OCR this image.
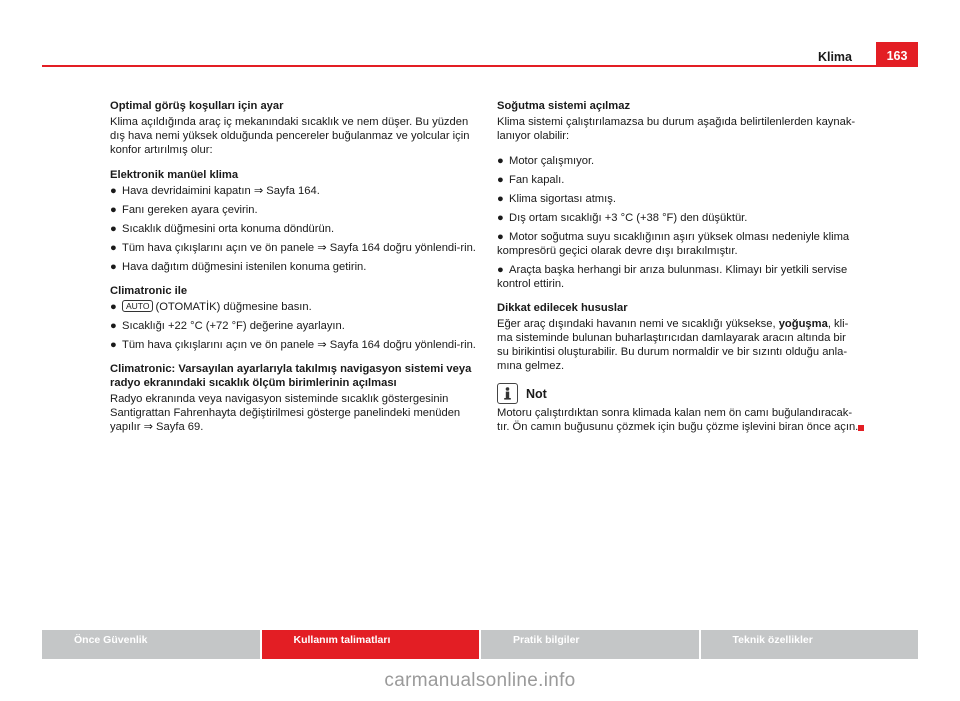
Klima	163
Optimal görüş koşulları için ayar
Klima açıldığında araç iç mekanındaki sıcaklık ve nem düşer. Bu yüzden dış hava nemi yüksek olduğunda pencereler buğulanmaz ve yolcular için konfor artırılmış olur:
Elektronik manüel klima
● Hava devridaimini kapatın ⇒ Sayfa 164.
● Fanı gereken ayara çevirin.
● Sıcaklık düğmesini orta konuma döndürün.
● Tüm hava çıkışlarını açın ve ön panele ⇒ Sayfa 164 doğru yönlendi-rin.
● Hava dağıtım düğmesini istenilen konuma getirin.
Climatronic ile
● AUTO (OTOMATİK) düğmesine basın.
● Sıcaklığı +22 °C (+72 °F) değerine ayarlayın.
● Tüm hava çıkışlarını açın ve ön panele ⇒ Sayfa 164 doğru yönlendi-rin.
Climatronic: Varsayılan ayarlarıyla takılmış navigasyon sistemi veya radyo ekranındaki sıcaklık ölçüm birimlerinin açılması
Radyo ekranında veya navigasyon sisteminde sıcaklık göstergesinin Santigrattan Fahrenhayta değiştirilmesi gösterge panelindeki menüden yapılır ⇒ Sayfa 69.
Soğutma sistemi açılmaz
Klima sistemi çalıştırılamazsa bu durum aşağıda belirtilenlerden kaynak-lanıyor olabilir:
● Motor çalışmıyor.
● Fan kapalı.
● Klima sigortası atmış.
● Dış ortam sıcaklığı +3 °C (+38 °F) den düşüktür.
● Motor soğutma suyu sıcaklığının aşırı yüksek olması nedeniyle klima kompresörü geçici olarak devre dışı bırakılmıştır.
● Araçta başka herhangi bir arıza bulunması. Klimayı bir yetkili servise kontrol ettirin.
Dikkat edilecek hususlar
Eğer araç dışındaki havanın nemi ve sıcaklığı yüksekse, yoğuşma, kli-ma sisteminde bulunan buharlaştırıcıdan damlayarak aracın altında bir su birikintisi oluşturabilir. Bu durum normaldir ve bir sızıntı olduğu anla-mına gelmez.
Not
Motoru çalıştırdıktan sonra klimada kalan nem ön camı buğulandıracak-tır. Ön camın buğusunu çözmek için buğu çözme işlevini biran önce açın.
Önce Güvenlik	Kullanım talimatları	Pratik bilgiler	Teknik özellikler
carmanualsonline.info
